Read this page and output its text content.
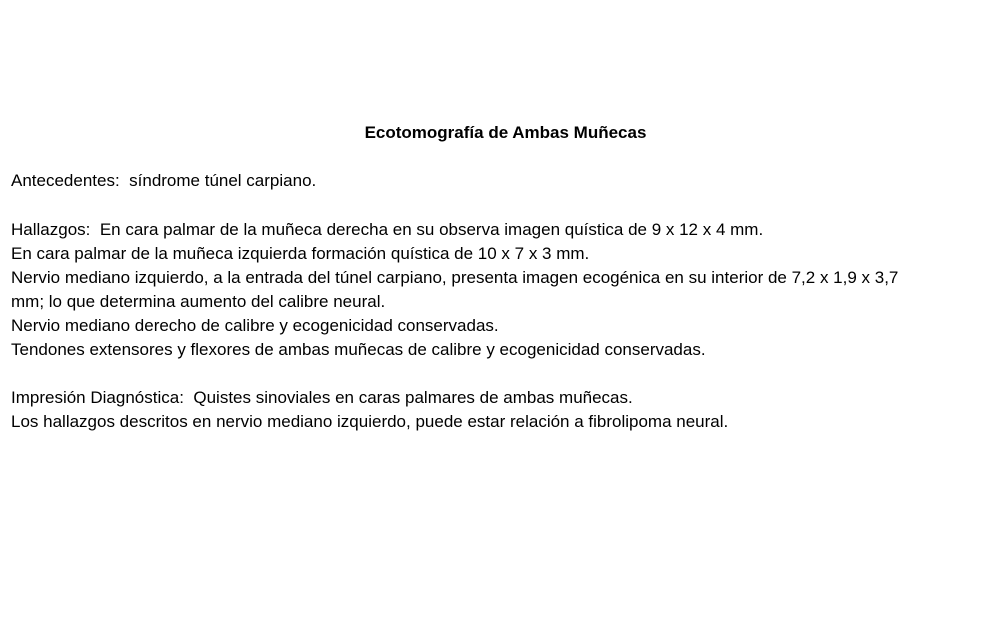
Ecotomografía de Ambas Muñecas
Antecedentes:  síndrome túnel carpiano.
Hallazgos:  En cara palmar de la muñeca derecha en su observa imagen quística de 9 x 12 x 4 mm.
En cara palmar de la muñeca izquierda formación quística de 10 x 7 x 3 mm.
Nervio mediano izquierdo, a la entrada del túnel carpiano, presenta imagen ecogénica en su interior de 7,2 x 1,9 x 3,7
mm; lo que determina aumento del calibre neural.
Nervio mediano derecho de calibre y ecogenicidad conservadas.
Tendones extensores y flexores de ambas muñecas de calibre y ecogenicidad conservadas.
Impresión Diagnóstica:  Quistes sinoviales en caras palmares de ambas muñecas.
Los hallazgos descritos en nervio mediano izquierdo, puede estar relación a fibrolipoma neural.
